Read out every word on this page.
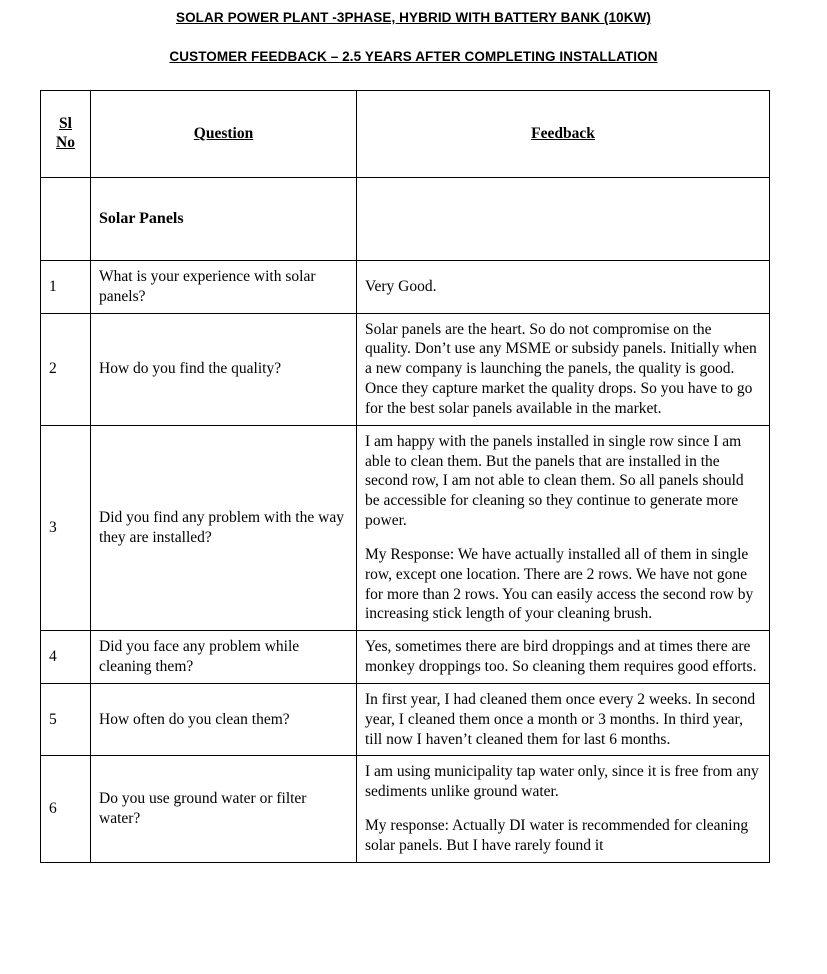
SOLAR POWER PLANT -3PHASE, HYBRID WITH BATTERY BANK (10KW)
CUSTOMER FEEDBACK – 2.5 YEARS AFTER COMPLETING INSTALLATION
Sl
No	Question	Feedback
	Solar Panels	
1	What is your experience with solar panels?	Very Good.

2	How do you find the quality?	Solar panels are the heart. So do not compromise on the quality. Don’t use any MSME or subsidy panels. Initially when a new company is launching the panels, the quality is good. Once they capture market the quality drops. So you have to go for the best solar panels available in the market.

3	Did you find any problem with the way they are installed?	I am happy with the panels installed in single row since I am able to clean them. But the panels that are installed in the second row, I am not able to clean them. So all panels should be accessible for cleaning so they continue to generate more power.
My Response: We have actually installed all of them in single row, except one location. There are 2 rows. We have not gone for more than 2 rows. You can easily access the second row by increasing stick length of your cleaning brush.

4	Did you face any problem while cleaning them?	Yes, sometimes there are bird droppings and at times there are monkey droppings too. So cleaning them requires good efforts.

5	How often do you clean them?	In first year, I had cleaned them once every 2 weeks. In second year, I cleaned them once a month or 3 months. In third year, till now I haven’t cleaned them for last 6 months.

6	Do you use ground water or filter water?	I am using municipality tap water only, since it is free from any sediments unlike ground water.
My response: Actually DI water is recommended for cleaning solar panels. But I have rarely found it
